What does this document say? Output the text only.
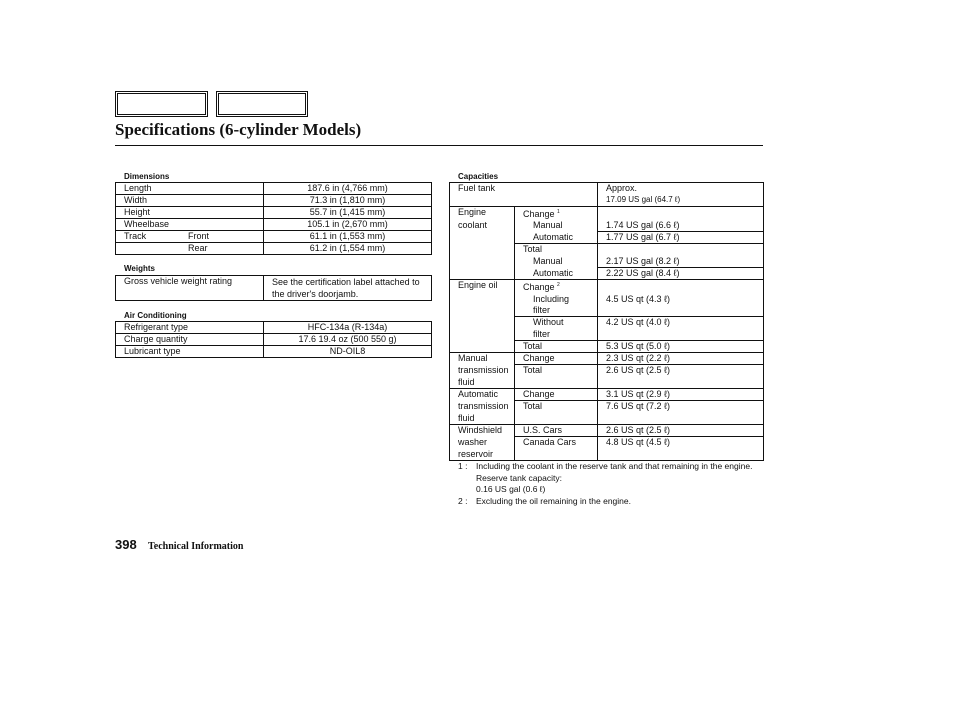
Specifications (6-cylinder Models)
Dimensions
Length	187.6 in (4,766 mm)
Width	71.3 in (1,810 mm)
Height	55.7 in (1,415 mm)
Wheelbase	105.1 in (2,670 mm)

Track Front	61.1 in (1,553 mm)

Rear	61.2 in (1,554 mm)
Weights
Gross vehicle weight rating	See the certification label attached to the driver's doorjamb.
Air Conditioning
Refrigerant type	HFC-134a (R-134a)
Charge quantity	17.6 19.4 oz (500 550 g)
Lubricant type	ND-OIL8
Capacities
Fuel tank		Approx.
		17.09 US gal (64.7 ℓ)
Engine	Change $^1$	
coolant	Manual	1.74 US gal (6.6 ℓ)
	Automatic	1.77 US gal (6.7 ℓ)
	Total	
	Manual	2.17 US gal (8.2 ℓ)
	Automatic	2.22 US gal (8.4 ℓ)
Engine oil	Change $^2$	
	Including	4.5 US qt (4.3 ℓ)
	filter	
	Without	4.2 US qt (4.0 ℓ)
	filter	
	Total	5.3 US qt (5.0 ℓ)
Manual	Change	2.3 US qt (2.2 ℓ)
transmission	Total	2.6 US qt (2.5 ℓ)
fluid		
Automatic	Change	3.1 US qt (2.9 ℓ)
transmission	Total	7.6 US qt (7.2 ℓ)
fluid		
Windshield	U.S. Cars	2.6 US qt (2.5 ℓ)
washer	Canada Cars	4.8 US qt (4.5 ℓ)
reservoir		
1 :	Including the coolant in the reserve tank and that remaining in the engine.
Reserve tank capacity:
0.16 US gal (0.6 ℓ)
2 :	Excluding the oil remaining in the engine.
398 Technical Information
